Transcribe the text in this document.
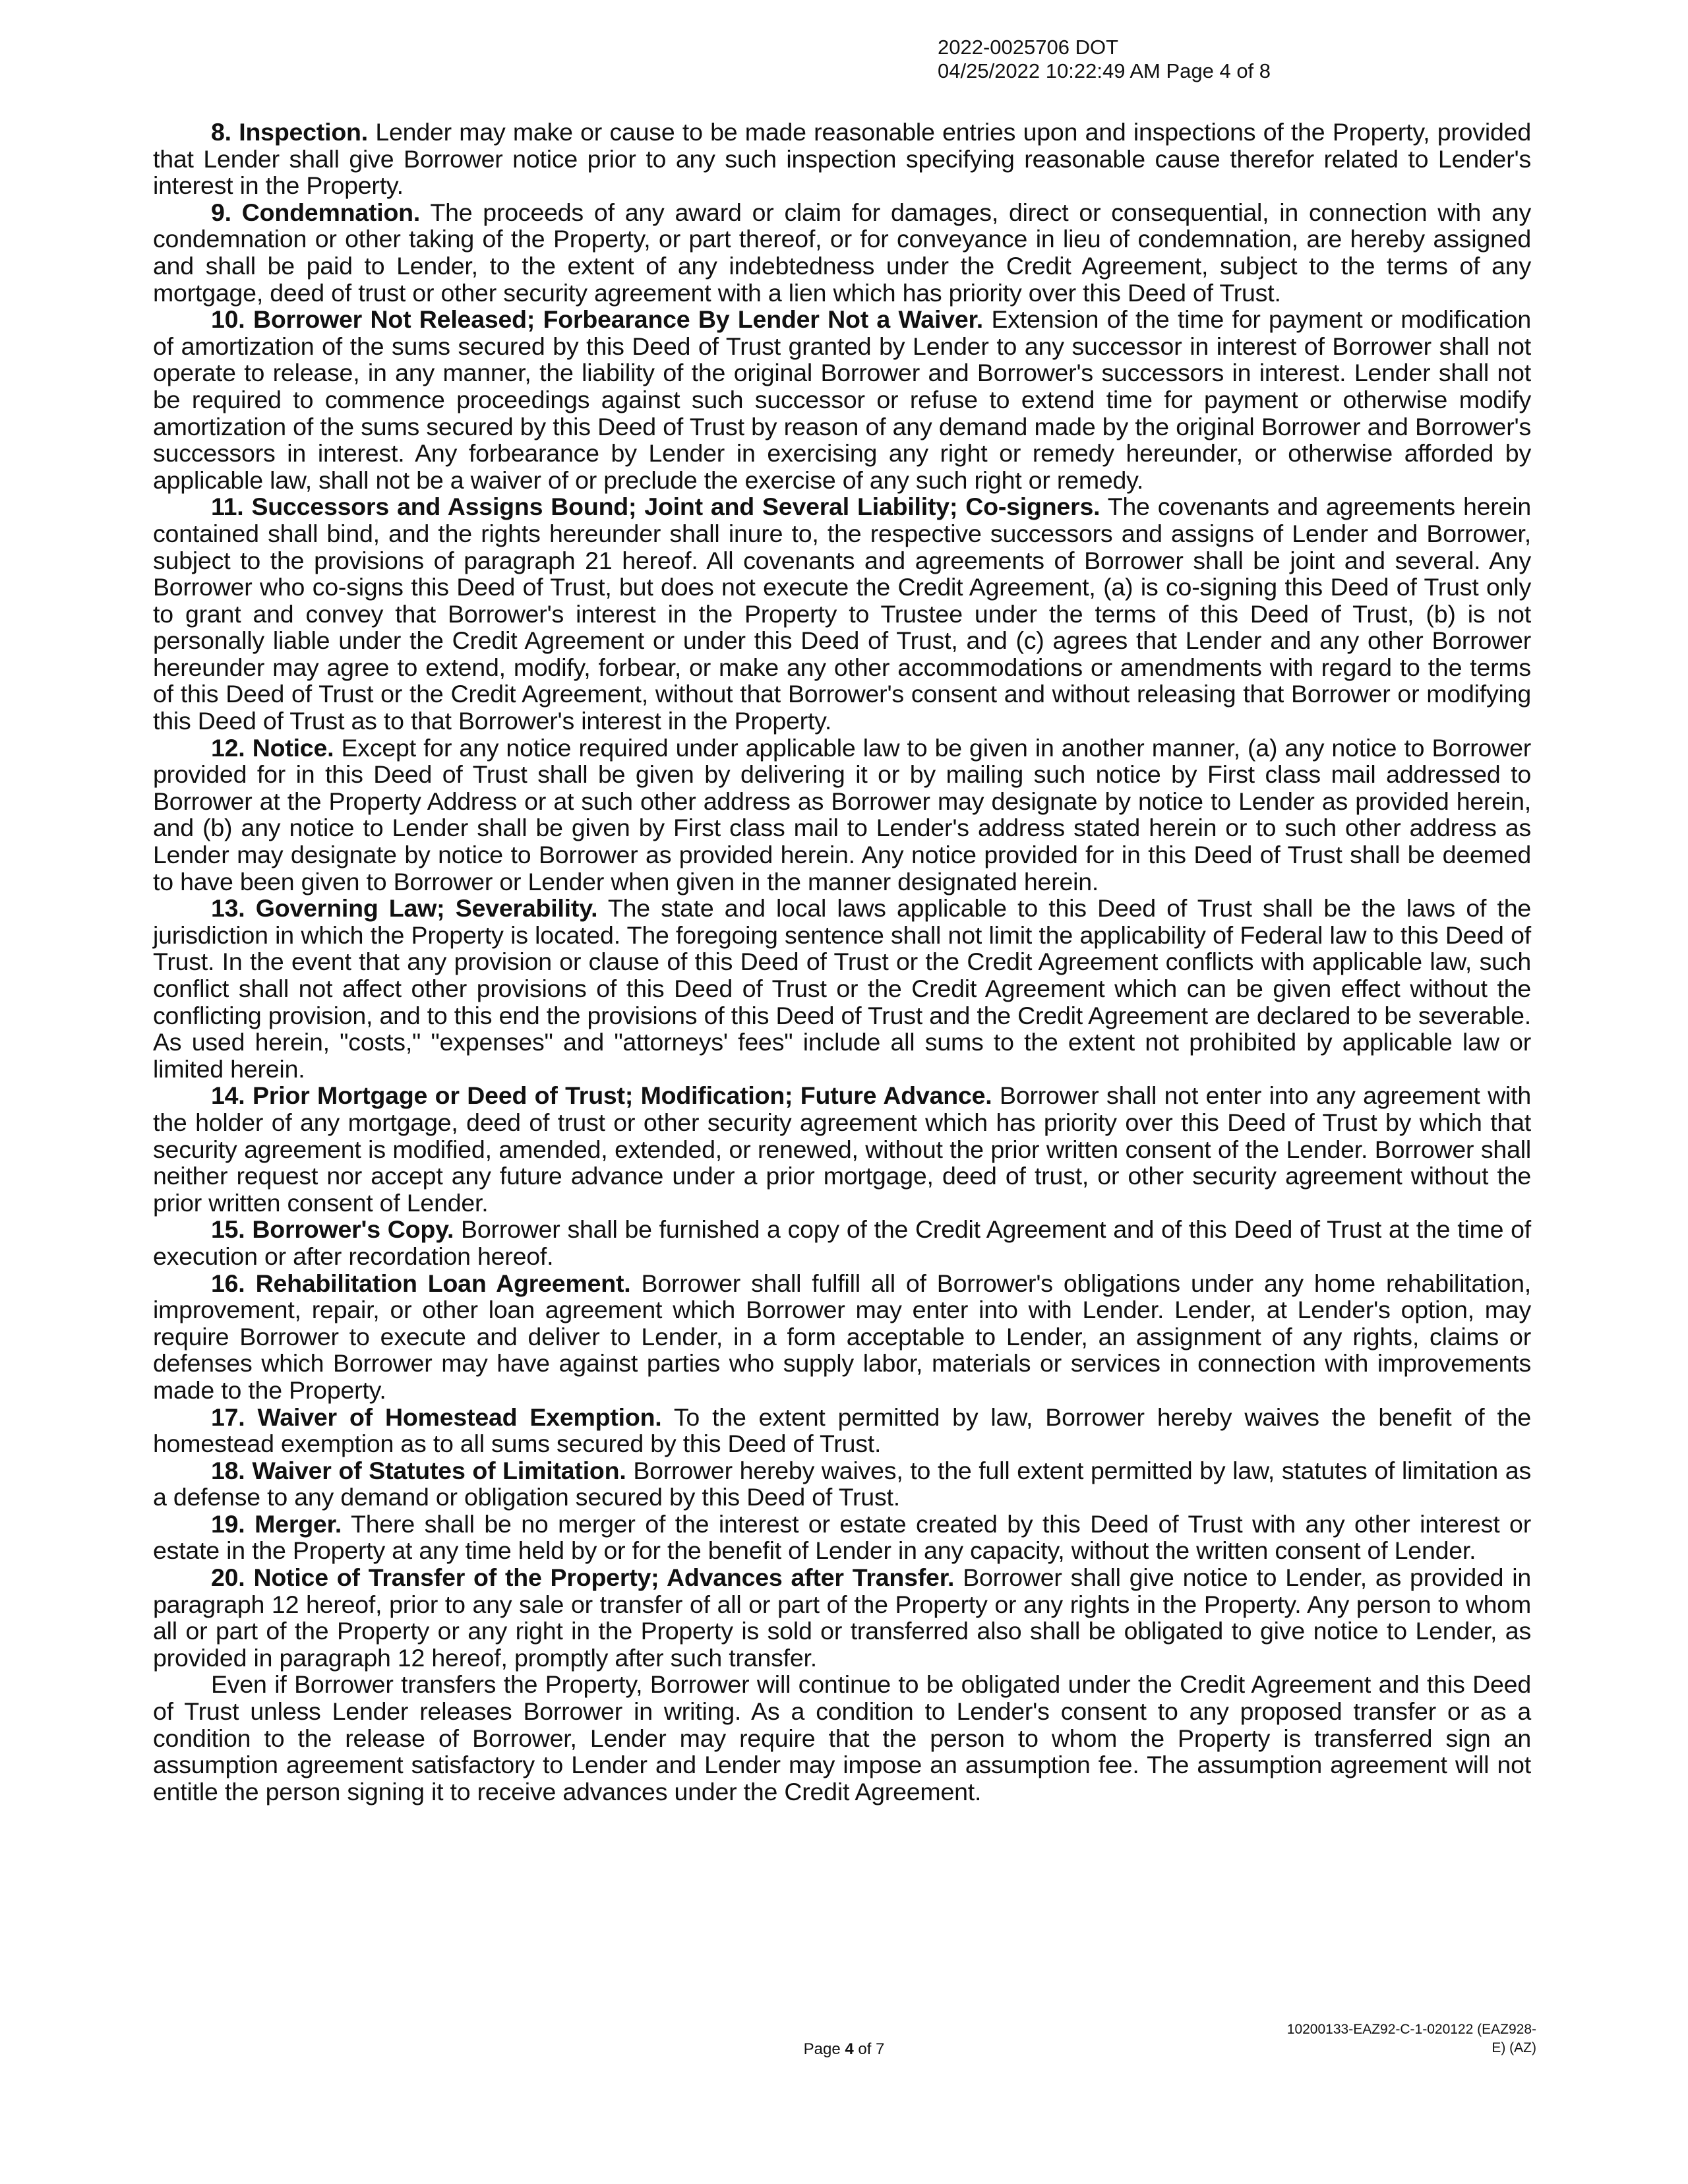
2022-0025706 DOT
04/25/2022 10:22:49 AM Page 4 of 8

8. Inspection. Lender may make or cause to be made reasonable entries upon and inspections of the Property, provided that Lender shall give Borrower notice prior to any such inspection specifying reasonable cause therefor related to Lender's interest in the Property.

9. Condemnation. The proceeds of any award or claim for damages, direct or consequential, in connection with any condemnation or other taking of the Property, or part thereof, or for conveyance in lieu of condemnation, are hereby assigned and shall be paid to Lender, to the extent of any indebtedness under the Credit Agreement, subject to the terms of any mortgage, deed of trust or other security agreement with a lien which has priority over this Deed of Trust.

10. Borrower Not Released; Forbearance By Lender Not a Waiver. Extension of the time for payment or modification of amortization of the sums secured by this Deed of Trust granted by Lender to any successor in interest of Borrower shall not operate to release, in any manner, the liability of the original Borrower and Borrower's successors in interest. Lender shall not be required to commence proceedings against such successor or refuse to extend time for payment or otherwise modify amortization of the sums secured by this Deed of Trust by reason of any demand made by the original Borrower and Borrower's successors in interest. Any forbearance by Lender in exercising any right or remedy hereunder, or otherwise afforded by applicable law, shall not be a waiver of or preclude the exercise of any such right or remedy.

11. Successors and Assigns Bound; Joint and Several Liability; Co-signers. The covenants and agreements herein contained shall bind, and the rights hereunder shall inure to, the respective successors and assigns of Lender and Borrower, subject to the provisions of paragraph 21 hereof. All covenants and agreements of Borrower shall be joint and several. Any Borrower who co-signs this Deed of Trust, but does not execute the Credit Agreement, (a) is co-signing this Deed of Trust only to grant and convey that Borrower's interest in the Property to Trustee under the terms of this Deed of Trust, (b) is not personally liable under the Credit Agreement or under this Deed of Trust, and (c) agrees that Lender and any other Borrower hereunder may agree to extend, modify, forbear, or make any other accommodations or amendments with regard to the terms of this Deed of Trust or the Credit Agreement, without that Borrower's consent and without releasing that Borrower or modifying this Deed of Trust as to that Borrower's interest in the Property.

12. Notice. Except for any notice required under applicable law to be given in another manner, (a) any notice to Borrower provided for in this Deed of Trust shall be given by delivering it or by mailing such notice by First class mail addressed to Borrower at the Property Address or at such other address as Borrower may designate by notice to Lender as provided herein, and (b) any notice to Lender shall be given by First class mail to Lender's address stated herein or to such other address as Lender may designate by notice to Borrower as provided herein. Any notice provided for in this Deed of Trust shall be deemed to have been given to Borrower or Lender when given in the manner designated herein.

13. Governing Law; Severability. The state and local laws applicable to this Deed of Trust shall be the laws of the jurisdiction in which the Property is located. The foregoing sentence shall not limit the applicability of Federal law to this Deed of Trust. In the event that any provision or clause of this Deed of Trust or the Credit Agreement conflicts with applicable law, such conflict shall not affect other provisions of this Deed of Trust or the Credit Agreement which can be given effect without the conflicting provision, and to this end the provisions of this Deed of Trust and the Credit Agreement are declared to be severable. As used herein, "costs," "expenses" and "attorneys' fees" include all sums to the extent not prohibited by applicable law or limited herein.

14. Prior Mortgage or Deed of Trust; Modification; Future Advance. Borrower shall not enter into any agreement with the holder of any mortgage, deed of trust or other security agreement which has priority over this Deed of Trust by which that security agreement is modified, amended, extended, or renewed, without the prior written consent of the Lender. Borrower shall neither request nor accept any future advance under a prior mortgage, deed of trust, or other security agreement without the prior written consent of Lender.

15. Borrower's Copy. Borrower shall be furnished a copy of the Credit Agreement and of this Deed of Trust at the time of execution or after recordation hereof.

16. Rehabilitation Loan Agreement. Borrower shall fulfill all of Borrower's obligations under any home rehabilitation, improvement, repair, or other loan agreement which Borrower may enter into with Lender. Lender, at Lender's option, may require Borrower to execute and deliver to Lender, in a form acceptable to Lender, an assignment of any rights, claims or defenses which Borrower may have against parties who supply labor, materials or services in connection with improvements made to the Property.

17. Waiver of Homestead Exemption. To the extent permitted by law, Borrower hereby waives the benefit of the homestead exemption as to all sums secured by this Deed of Trust.

18. Waiver of Statutes of Limitation. Borrower hereby waives, to the full extent permitted by law, statutes of limitation as a defense to any demand or obligation secured by this Deed of Trust.

19. Merger. There shall be no merger of the interest or estate created by this Deed of Trust with any other interest or estate in the Property at any time held by or for the benefit of Lender in any capacity, without the written consent of Lender.

20. Notice of Transfer of the Property; Advances after Transfer. Borrower shall give notice to Lender, as provided in paragraph 12 hereof, prior to any sale or transfer of all or part of the Property or any rights in the Property. Any person to whom all or part of the Property or any right in the Property is sold or transferred also shall be obligated to give notice to Lender, as provided in paragraph 12 hereof, promptly after such transfer.

Even if Borrower transfers the Property, Borrower will continue to be obligated under the Credit Agreement and this Deed of Trust unless Lender releases Borrower in writing. As a condition to Lender's consent to any proposed transfer or as a condition to the release of Borrower, Lender may require that the person to whom the Property is transferred sign an assumption agreement satisfactory to Lender and Lender may impose an assumption fee. The assumption agreement will not entitle the person signing it to receive advances under the Credit Agreement.

Page 4 of 7
10200133-EAZ92-C-1-020122 (EAZ928-
E) (AZ)
